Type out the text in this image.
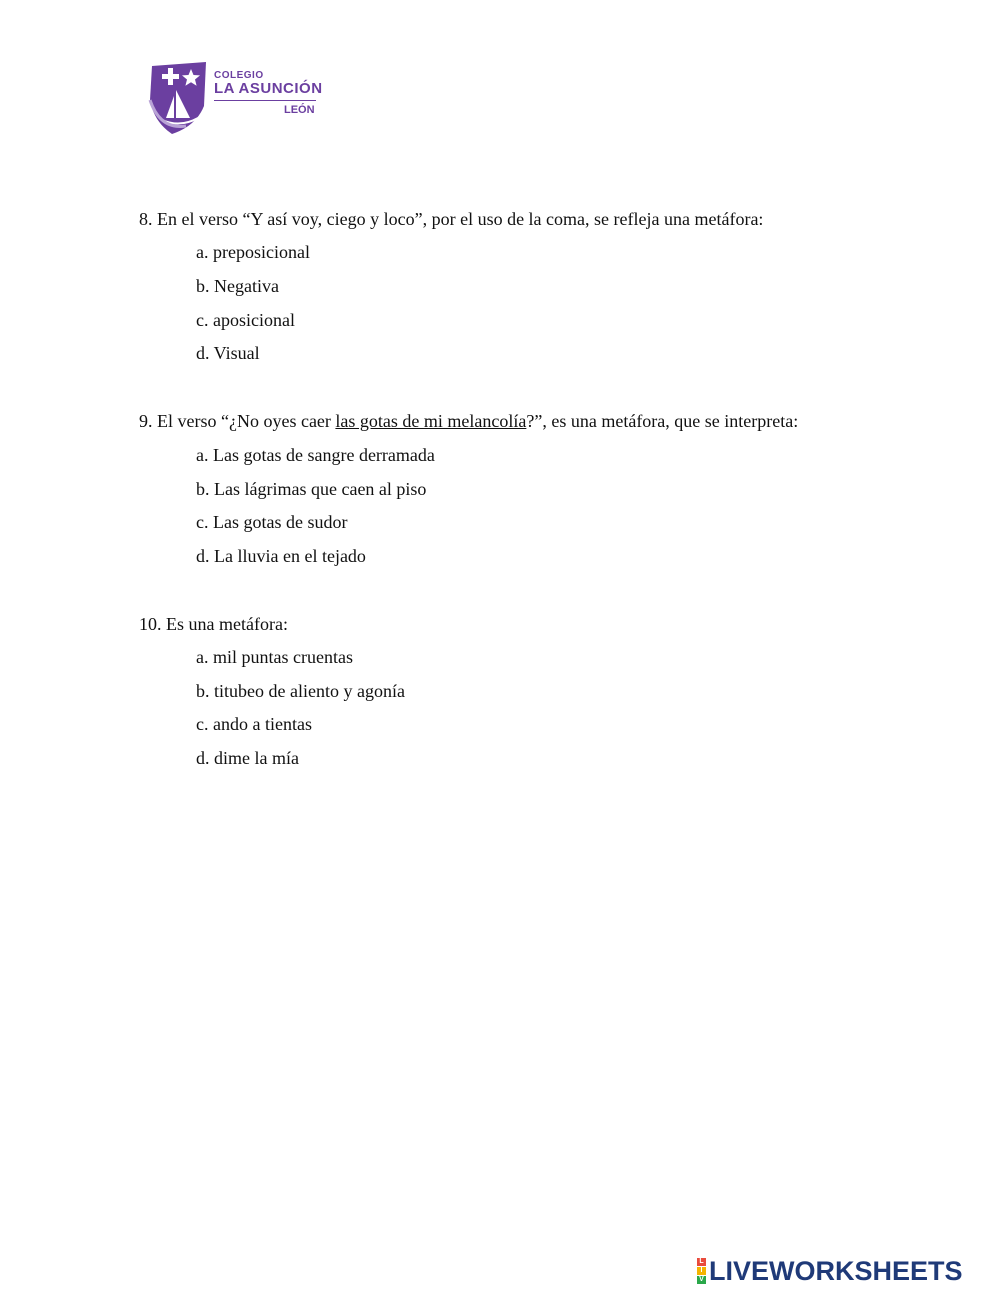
COLEGIO
LA ASUNCIÓN
LEÓN
8. En el verso “Y así voy, ciego y loco”, por el uso de la coma, se refleja una metáfora:
a. preposicional
b. Negativa
c. aposicional
d. Visual
9. El verso “¿No oyes caer las gotas de mi melancolía?”, es una metáfora, que se interpreta:
a. Las gotas de sangre derramada
b. Las lágrimas que caen al piso
c. Las gotas de sudor
d. La lluvia en el tejado
10. Es una metáfora:
a. mil puntas cruentas
b. titubeo de aliento y agonía
c. ando a tientas
d. dime la mía
L
I
V LIVEWORKSHEETS
